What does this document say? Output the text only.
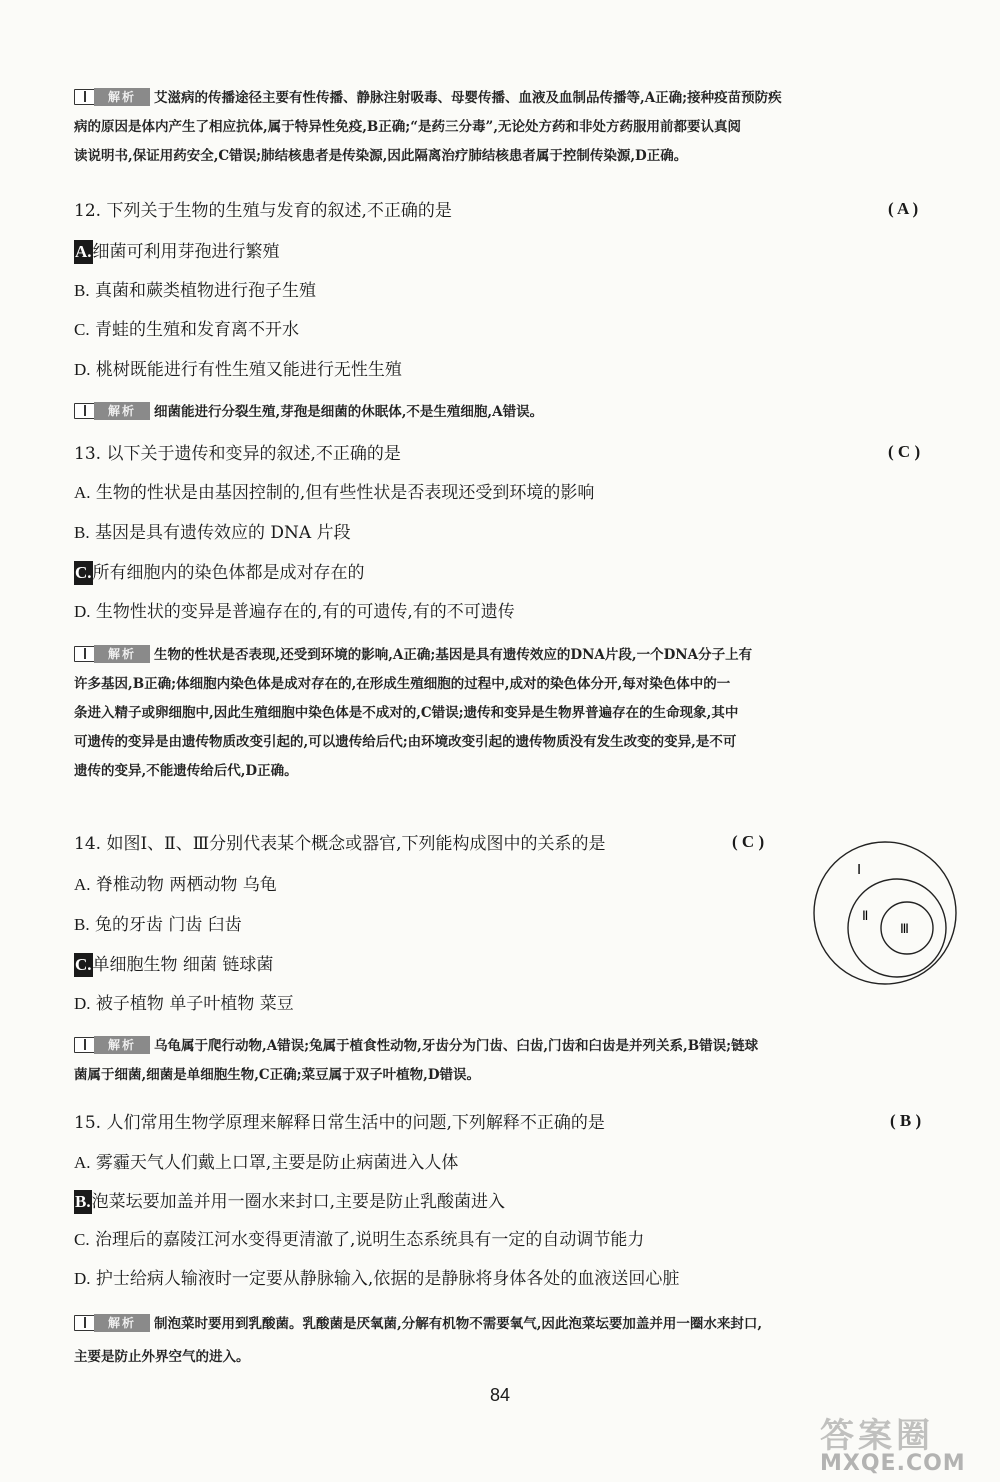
解析	艾滋病的传播途径主要有性传播、静脉注射吸毒、母婴传播、血液及血制品传播等,A正确;接种疫苗预防疾
病的原因是体内产生了相应抗体,属于特异性免疫,B正确;“是药三分毒”,无论处方药和非处方药服用前都要认真阅
读说明书,保证用药安全,C错误;肺结核患者是传染源,因此隔离治疗肺结核患者属于控制传染源,D正确。
12. 下列关于生物的生殖与发育的叙述,不正确的是	( A )
A.细菌可利用芽孢进行繁殖
B. 真菌和蕨类植物进行孢子生殖
C. 青蛙的生殖和发育离不开水
D. 桃树既能进行有性生殖又能进行无性生殖
解析	细菌能进行分裂生殖,芽孢是细菌的休眠体,不是生殖细胞,A错误。
13. 以下关于遗传和变异的叙述,不正确的是	( C )
A. 生物的性状是由基因控制的,但有些性状是否表现还受到环境的影响
B. 基因是具有遗传效应的 DNA 片段
C.所有细胞内的染色体都是成对存在的
D. 生物性状的变异是普遍存在的,有的可遗传,有的不可遗传
解析	生物的性状是否表现,还受到环境的影响,A正确;基因是具有遗传效应的DNA片段,一个DNA分子上有
许多基因,B正确;体细胞内染色体是成对存在的,在形成生殖细胞的过程中,成对的染色体分开,每对染色体中的一
条进入精子或卵细胞中,因此生殖细胞中染色体是不成对的,C错误;遗传和变异是生物界普遍存在的生命现象,其中
可遗传的变异是由遗传物质改变引起的,可以遗传给后代;由环境改变引起的遗传物质没有发生改变的变异,是不可
遗传的变异,不能遗传给后代,D正确。
14. 如图Ⅰ、Ⅱ、Ⅲ分别代表某个概念或器官,下列能构成图中的关系的是	( C )
A. 脊椎动物 两栖动物 乌龟
B. 兔的牙齿 门齿 臼齿
C.单细胞生物 细菌 链球菌
D. 被子植物 单子叶植物 菜豆
Ⅰ
Ⅱ
Ⅲ
解析	乌龟属于爬行动物,A错误;兔属于植食性动物,牙齿分为门齿、臼齿,门齿和臼齿是并列关系,B错误;链球
菌属于细菌,细菌是单细胞生物,C正确;菜豆属于双子叶植物,D错误。
15. 人们常用生物学原理来解释日常生活中的问题,下列解释不正确的是	( B )
A. 雾霾天气人们戴上口罩,主要是防止病菌进入人体
B.泡菜坛要加盖并用一圈水来封口,主要是防止乳酸菌进入
C. 治理后的嘉陵江河水变得更清澈了,说明生态系统具有一定的自动调节能力
D. 护士给病人输液时一定要从静脉输入,依据的是静脉将身体各处的血液送回心脏
解析	制泡菜时要用到乳酸菌。乳酸菌是厌氧菌,分解有机物不需要氧气,因此泡菜坛要加盖并用一圈水来封口,
主要是防止外界空气的进入。
84
答案圈
MXQE.COM
